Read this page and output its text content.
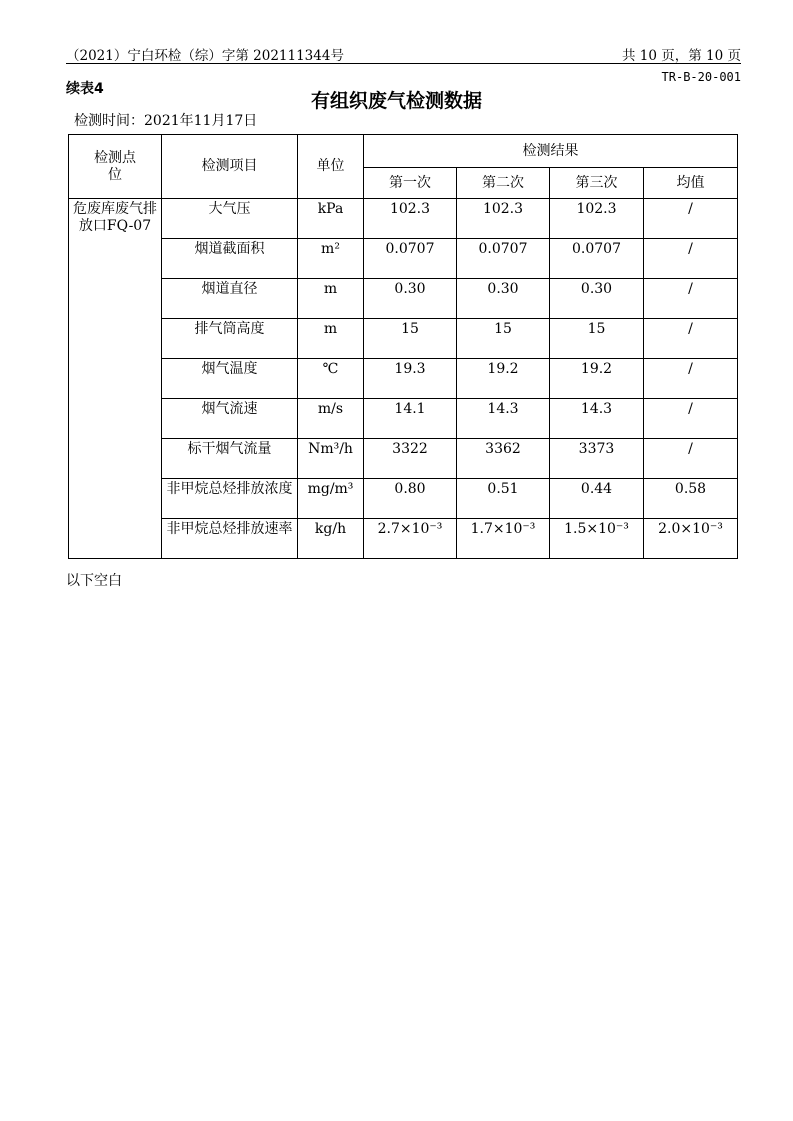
（2021）宁白环检（综）字第 202111344号	共 10 页，第 10 页
TR-B-20-001
续表4
有组织废气检测数据
检测时间：2021年11月17日
检测点位	检测项目	单位	检测结果			
			第一次	第二次	第三次	均值

危废库废气排放口FQ-07	大气压	kPa	102.3	102.3	102.3	/
	烟道截面积	m²	0.0707	0.0707	0.0707	/
	烟道直径	m	0.30	0.30	0.30	/
	排气筒高度	m	15	15	15	/
	烟气温度	℃	19.3	19.2	19.2	/
	烟气流速	m/s	14.1	14.3	14.3	/
	标干烟气流量	Nm³/h	3322	3362	3373	/
	非甲烷总烃排放浓度	mg/m³	0.80	0.51	0.44	0.58
	非甲烷总烃排放速率	kg/h	2.7×10⁻³	1.7×10⁻³	1.5×10⁻³	2.0×10⁻³
以下空白
